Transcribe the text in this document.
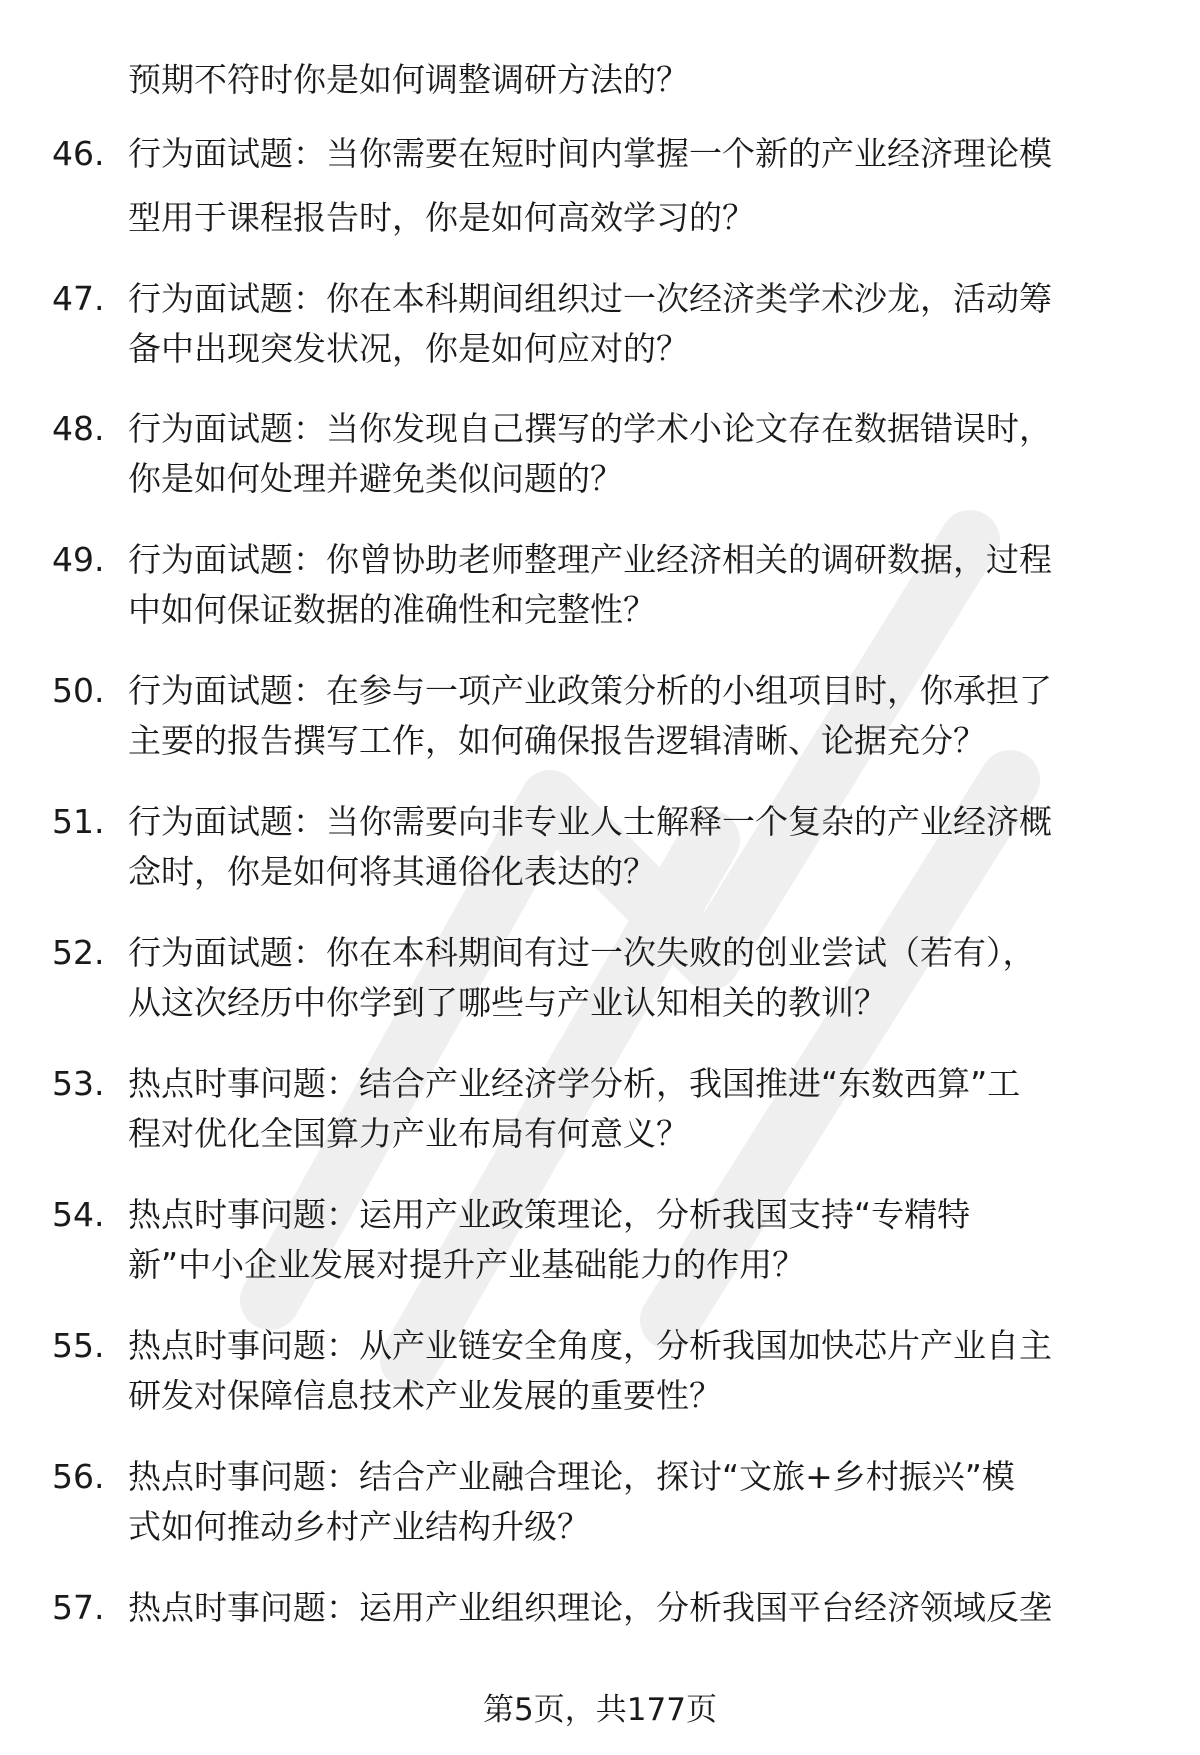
预期不符时你是如何调整调研方法的？
46. 行为面试题：当你需要在短时间内掌握一个新的产业经济理论模
型用于课程报告时，你是如何高效学习的？
47. 行为面试题：你在本科期间组织过一次经济类学术沙龙，活动筹
备中出现突发状况，你是如何应对的？
48. 行为面试题：当你发现自己撰写的学术小论文存在数据错误时，
你是如何处理并避免类似问题的？
49. 行为面试题：你曾协助老师整理产业经济相关的调研数据，过程
中如何保证数据的准确性和完整性？
50. 行为面试题：在参与一项产业政策分析的小组项目时，你承担了
主要的报告撰写工作，如何确保报告逻辑清晰、论据充分？
51. 行为面试题：当你需要向非专业人士解释一个复杂的产业经济概
念时，你是如何将其通俗化表达的？
52. 行为面试题：你在本科期间有过一次失败的创业尝试（若有），
从这次经历中你学到了哪些与产业认知相关的教训？
53. 热点时事问题：结合产业经济学分析，我国推进“东数西算”工
程对优化全国算力产业布局有何意义？
54. 热点时事问题：运用产业政策理论，分析我国支持“专精特
新”中小企业发展对提升产业基础能力的作用？
55. 热点时事问题：从产业链安全角度，分析我国加快芯片产业自主
研发对保障信息技术产业发展的重要性？
56. 热点时事问题：结合产业融合理论，探讨“文旅+乡村振兴”模
式如何推动乡村产业结构升级？
57. 热点时事问题：运用产业组织理论，分析我国平台经济领域反垄
第5页，共177页
